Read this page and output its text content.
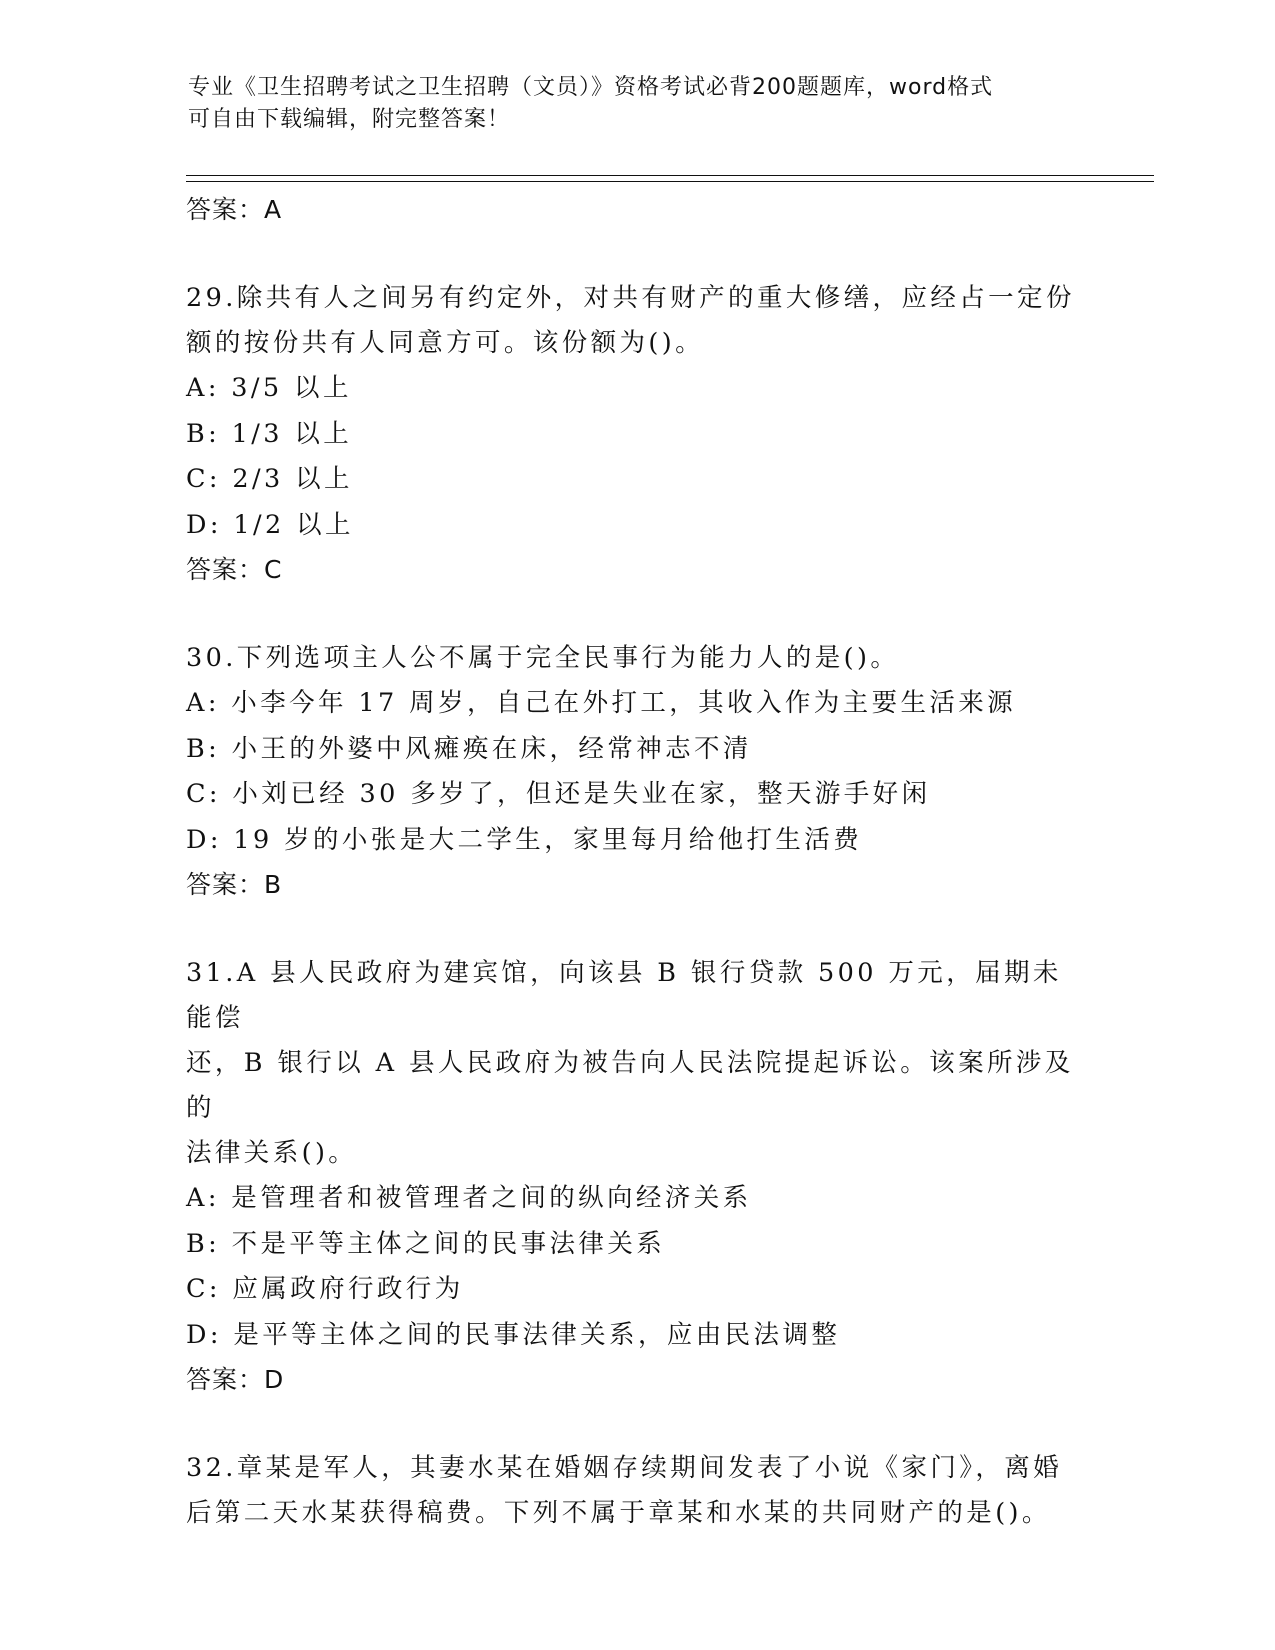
专业《卫生招聘考试之卫生招聘（文员）》资格考试必背200题题库，word格式
可自由下载编辑，附完整答案！

答案：A

29.除共有人之间另有约定外，对共有财产的重大修缮，应经占一定份

额的按份共有人同意方可。该份额为()。

A: 3/5 以上

B: 1/3 以上

C: 2/3 以上

D: 1/2 以上

答案：C

30.下列选项主人公不属于完全民事行为能力人的是()。

A: 小李今年 17 周岁，自己在外打工，其收入作为主要生活来源

B: 小王的外婆中风瘫痪在床，经常神志不清

C: 小刘已经 30 多岁了，但还是失业在家，整天游手好闲

D: 19 岁的小张是大二学生，家里每月给他打生活费

答案：B

31.A 县人民政府为建宾馆，向该县 B 银行贷款 500 万元，届期未能偿

还，B 银行以 A 县人民政府为被告向人民法院提起诉讼。该案所涉及的

法律关系()。

A: 是管理者和被管理者之间的纵向经济关系

B: 不是平等主体之间的民事法律关系

C: 应属政府行政行为

D: 是平等主体之间的民事法律关系，应由民法调整

答案：D

32.章某是军人，其妻水某在婚姻存续期间发表了小说《家门》，离婚

后第二天水某获得稿费。下列不属于章某和水某的共同财产的是()。
